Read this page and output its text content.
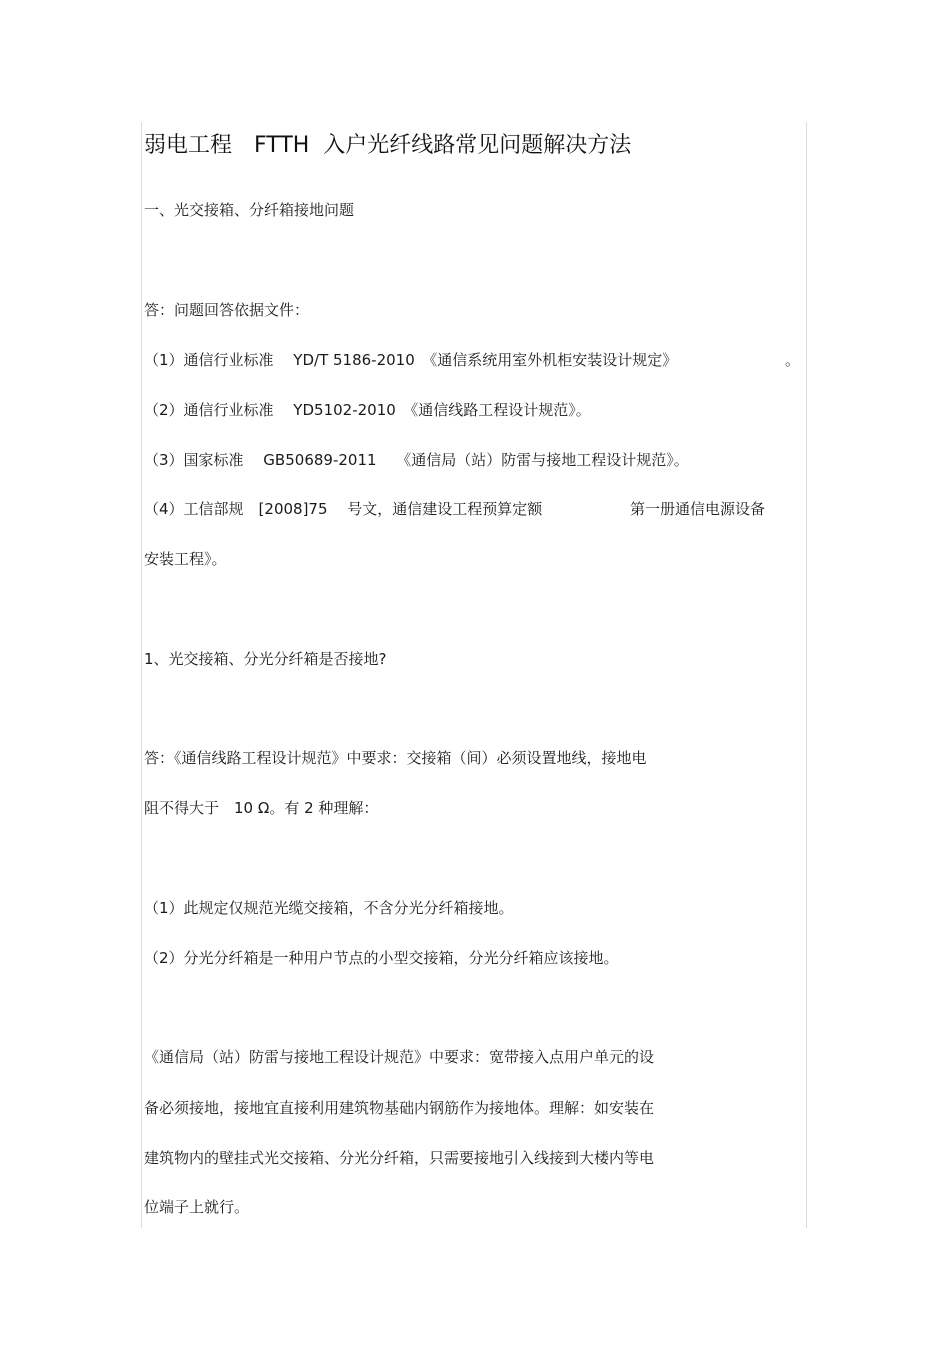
弱电工程　FTTH  入户光纤线路常见问题解决方法
一、光交接箱、分纤箱接地问题
答：问题回答依据文件：
（1）通信行业标准　 YD/T 5186-2010　《通信系统用室外机柜安装设计规定》	。
（2）通信行业标准　 YD5102-2010　《通信线路工程设计规范》。
（3）国家标准　 GB50689-2011　 《通信局（站）防雷与接地工程设计规范》。
（4）工信部规　[2008]75　 号文，通信建设工程预算定额	第一册通信电源设备
安装工程》。
1、光交接箱、分光分纤箱是否接地?
答：《通信线路工程设计规范》中要求：交接箱（间）必须设置地线，接地电
阻不得大于　10 Ω。有 2 种理解：
（1）此规定仅规范光缆交接箱，不含分光分纤箱接地。
（2）分光分纤箱是一种用户节点的小型交接箱，分光分纤箱应该接地。
《通信局（站）防雷与接地工程设计规范》中要求：宽带接入点用户单元的设
备必须接地，接地宜直接利用建筑物基础内钢筋作为接地体。理解：如安装在
建筑物内的壁挂式光交接箱、分光分纤箱，只需要接地引入线接到大楼内等电
位端子上就行。
